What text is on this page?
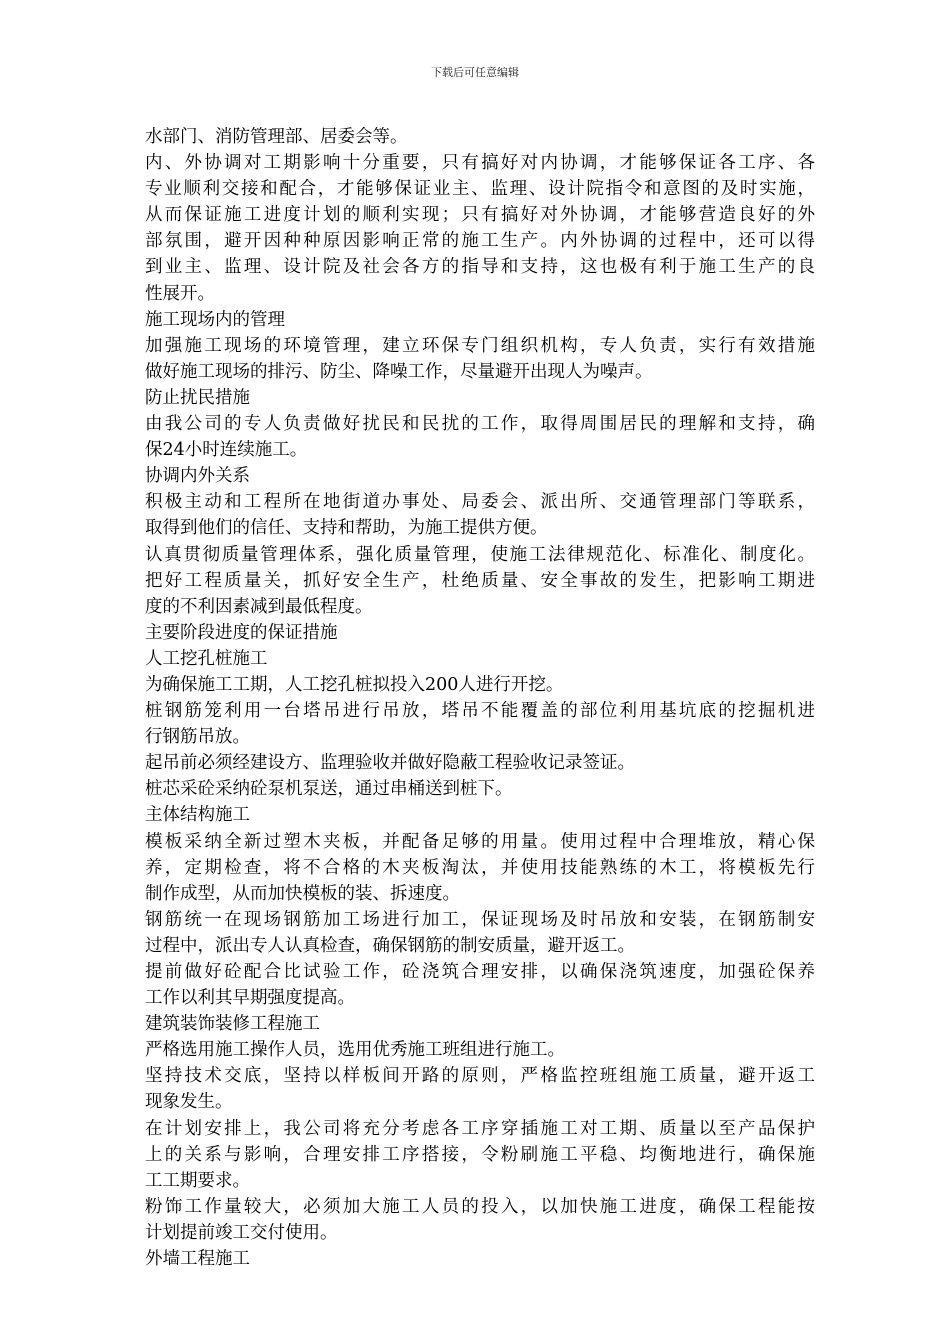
下载后可任意编辑
水部门、消防管理部、居委会等。
内、外协调对工期影响十分重要，只有搞好对内协调，才能够保证各工序、各
专业顺利交接和配合，才能够保证业主、监理、设计院指令和意图的及时实施，
从而保证施工进度计划的顺利实现；只有搞好对外协调，才能够营造良好的外
部氛围，避开因种种原因影响正常的施工生产。内外协调的过程中，还可以得
到业主、监理、设计院及社会各方的指导和支持，这也极有利于施工生产的良
性展开。
施工现场内的管理
加强施工现场的环境管理，建立环保专门组织机构，专人负责，实行有效措施
做好施工现场的排污、防尘、降噪工作，尽量避开出现人为噪声。
防止扰民措施
由我公司的专人负责做好扰民和民扰的工作，取得周围居民的理解和支持，确
保24小时连续施工。
协调内外关系
积极主动和工程所在地街道办事处、局委会、派出所、交通管理部门等联系，
取得到他们的信任、支持和帮助，为施工提供方便。
认真贯彻质量管理体系，强化质量管理，使施工法律规范化、标准化、制度化。
把好工程质量关，抓好安全生产，杜绝质量、安全事故的发生，把影响工期进
度的不利因素减到最低程度。
主要阶段进度的保证措施
人工挖孔桩施工
为确保施工工期，人工挖孔桩拟投入200人进行开挖。
桩钢筋笼利用一台塔吊进行吊放，塔吊不能覆盖的部位利用基坑底的挖掘机进
行钢筋吊放。
起吊前必须经建设方、监理验收并做好隐蔽工程验收记录签证。
桩芯采砼采纳砼泵机泵送，通过串桶送到桩下。
主体结构施工
模板采纳全新过塑木夹板，并配备足够的用量。使用过程中合理堆放，精心保
养，定期检查，将不合格的木夹板淘汰，并使用技能熟练的木工，将模板先行
制作成型，从而加快模板的装、拆速度。
钢筋统一在现场钢筋加工场进行加工，保证现场及时吊放和安装，在钢筋制安
过程中，派出专人认真检查，确保钢筋的制安质量，避开返工。
提前做好砼配合比试验工作，砼浇筑合理安排，以确保浇筑速度，加强砼保养
工作以利其早期强度提高。
建筑装饰装修工程施工
严格选用施工操作人员，选用优秀施工班组进行施工。
坚持技术交底，坚持以样板间开路的原则，严格监控班组施工质量，避开返工
现象发生。
在计划安排上，我公司将充分考虑各工序穿插施工对工期、质量以至产品保护
上的关系与影响，合理安排工序搭接，令粉刷施工平稳、均衡地进行，确保施
工工期要求。
粉饰工作量较大，必须加大施工人员的投入，以加快施工进度，确保工程能按
计划提前竣工交付使用。
外墙工程施工
